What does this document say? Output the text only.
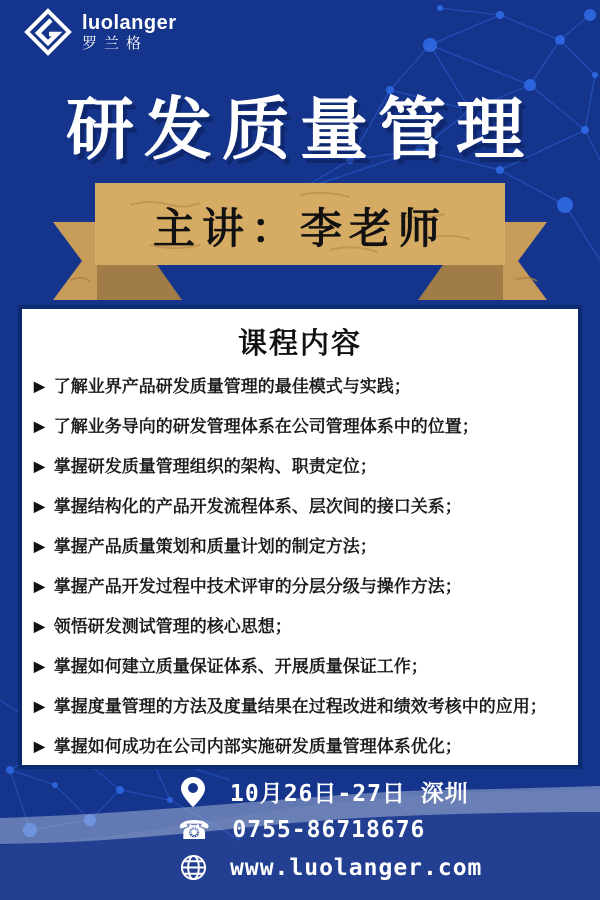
luolanger
罗兰格
研发质量管理
主讲：李老师
课程内容
▶ 了解业界产品研发质量管理的最佳模式与实践；
▶ 了解业务导向的研发管理体系在公司管理体系中的位置；
▶ 掌握研发质量管理组织的架构、职责定位；
▶ 掌握结构化的产品开发流程体系、层次间的接口关系；
▶ 掌握产品质量策划和质量计划的制定方法；
▶ 掌握产品开发过程中技术评审的分层分级与操作方法；
▶ 领悟研发测试管理的核心思想；
▶ 掌握如何建立质量保证体系、开展质量保证工作；
▶ 掌握度量管理的方法及度量结果在过程改进和绩效考核中的应用；
▶ 掌握如何成功在公司内部实施研发质量管理体系优化；
10月26日-27日 深圳
☎ 0755-86718676
www.luolanger.com
